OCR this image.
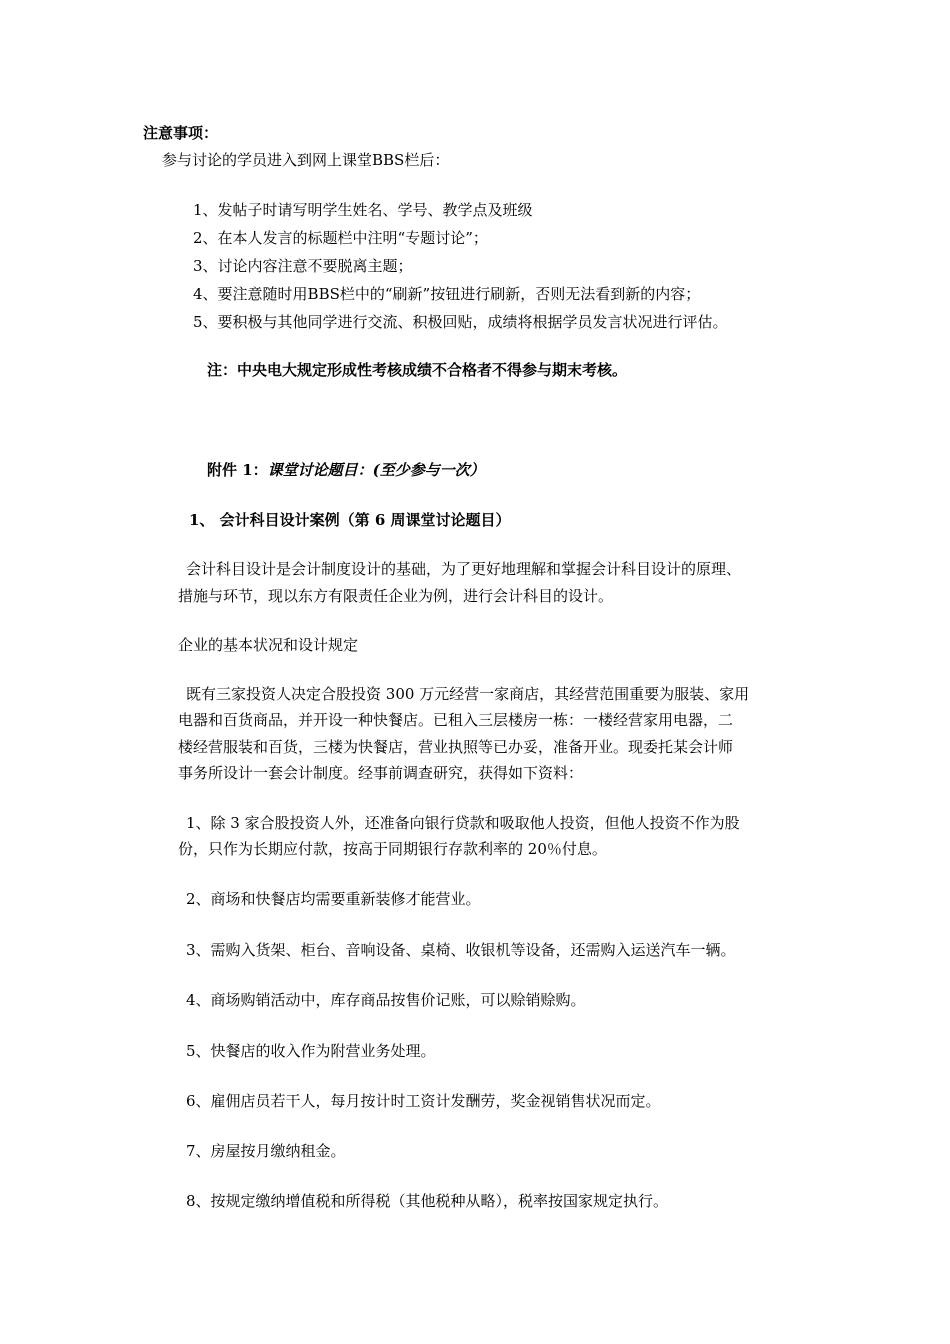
注意事项：
参与讨论的学员进入到网上课堂BBS栏后：
1、发帖子时请写明学生姓名、学号、教学点及班级
2、在本人发言的标题栏中注明“专题讨论”；
3、讨论内容注意不要脱离主题；
4、要注意随时用BBS栏中的“刷新”按钮进行刷新，否则无法看到新的内容；
5、要积极与其他同学进行交流、积极回贴，成绩将根据学员发言状况进行评估。
注：中央电大规定形成性考核成绩不合格者不得参与期末考核。
附件 1：课堂讨论题目：(至少参与一次）
1、 会计科目设计案例（第 6 周课堂讨论题目）
会计科目设计是会计制度设计的基础，为了更好地理解和掌握会计科目设计的原理、
措施与环节，现以东方有限责任企业为例，进行会计科目的设计。
企业的基本状况和设计规定
既有三家投资人决定合股投资 300 万元经营一家商店，其经营范围重要为服装、家用
电器和百货商品，并开设一种快餐店。已租入三层楼房一栋：一楼经营家用电器，二
楼经营服装和百货，三楼为快餐店，营业执照等已办妥，准备开业。现委托某会计师
事务所设计一套会计制度。经事前调查研究，获得如下资料：
1、除 3 家合股投资人外，还准备向银行贷款和吸取他人投资，但他人投资不作为股
份，只作为长期应付款，按高于同期银行存款利率的 20％付息。
2、商场和快餐店均需要重新装修才能营业。
3、需购入货架、柜台、音响设备、桌椅、收银机等设备，还需购入运送汽车一辆。
4、商场购销活动中，库存商品按售价记账，可以赊销赊购。
5、快餐店的收入作为附营业务处理。
6、雇佣店员若干人，每月按计时工资计发酬劳，奖金视销售状况而定。
7、房屋按月缴纳租金。
8、按规定缴纳增值税和所得税（其他税种从略），税率按国家规定执行。
